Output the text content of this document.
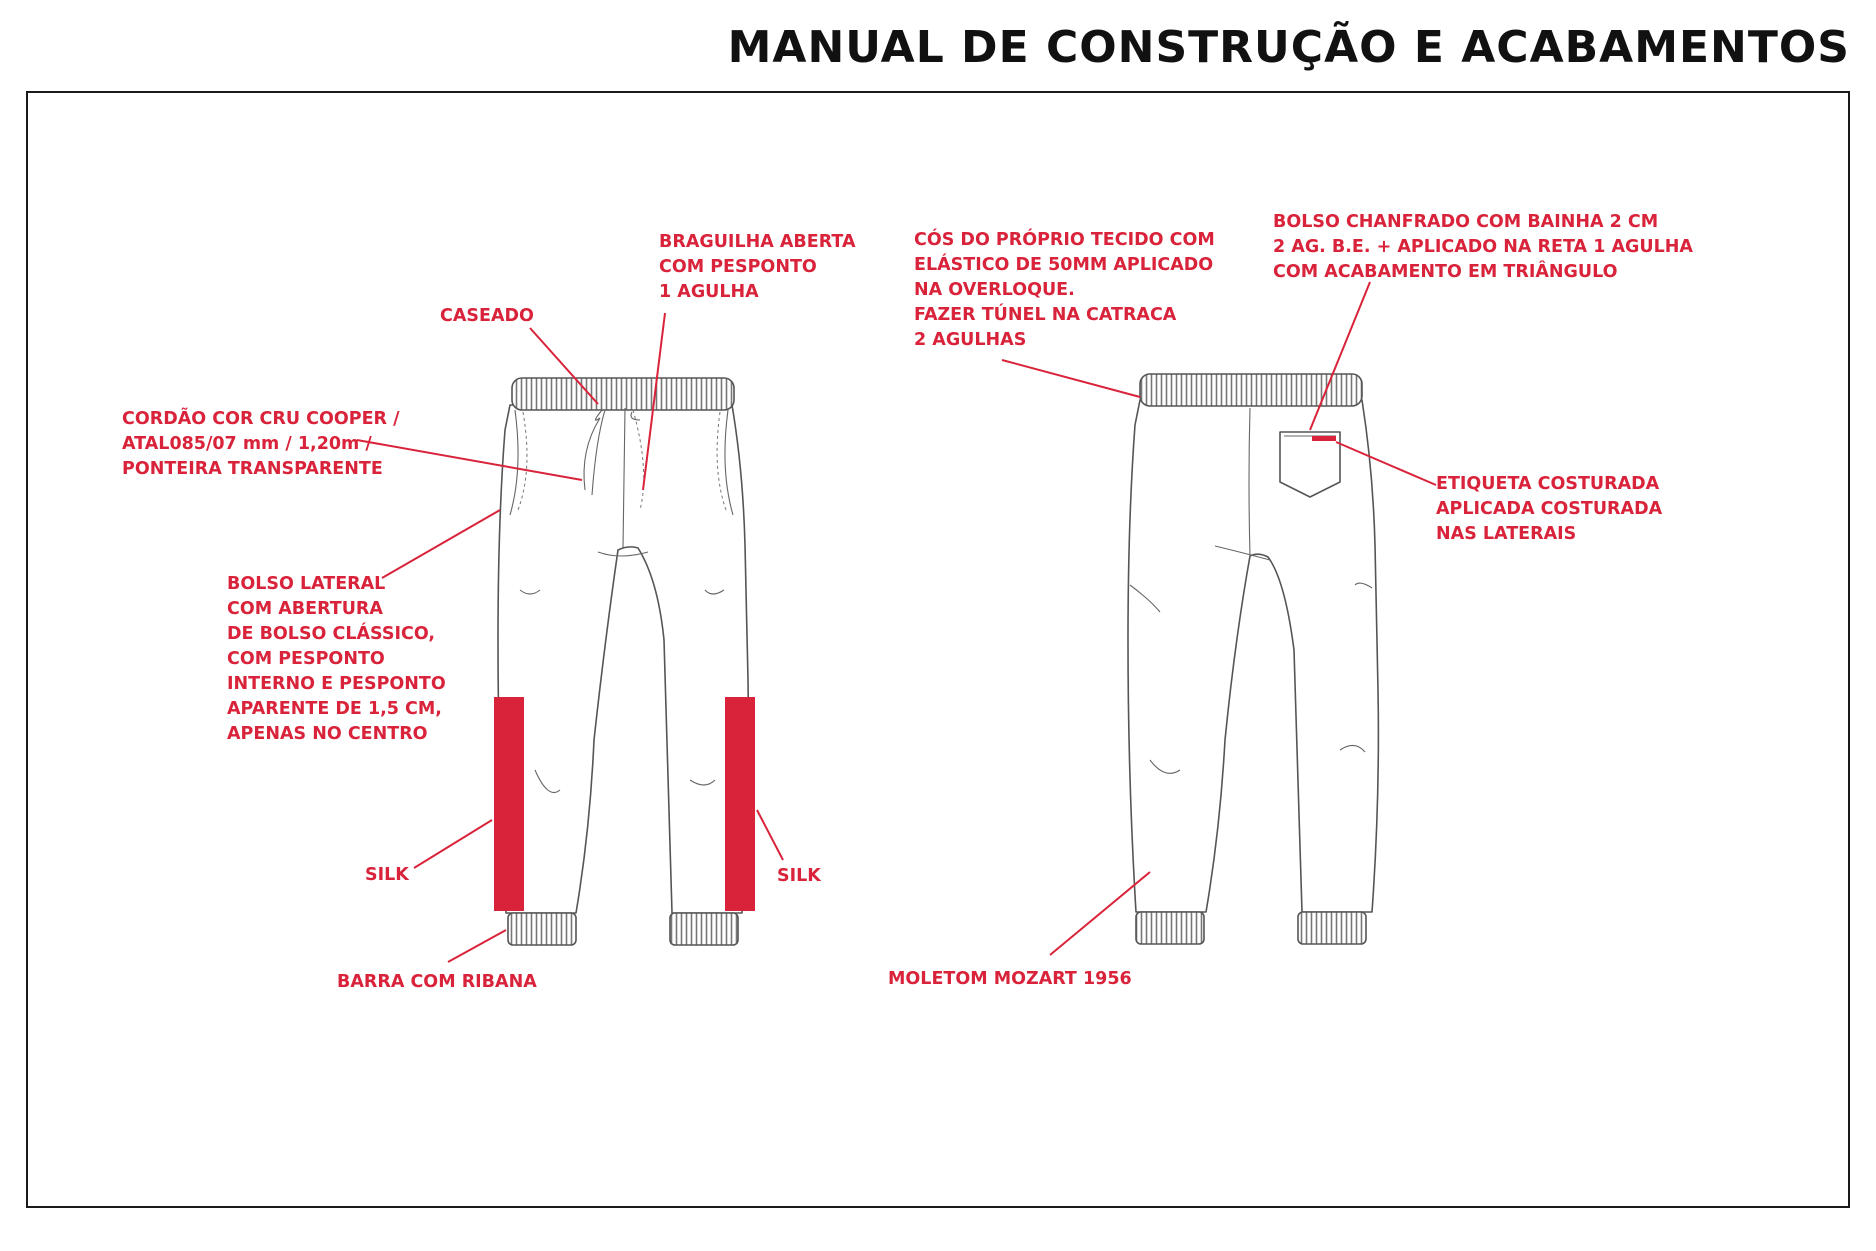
MANUAL DE CONSTRUÇÃO E ACABAMENTOS
BRAGUILHA ABERTA COM PESPONTO 1 AGULHA
CASEADO
CORDÃO COR CRU COOPER / ATAL085/07 mm / 1,20m / PONTEIRA TRANSPARENTE
BOLSO LATERAL COM ABERTURA DE BOLSO CLÁSSICO, COM PESPONTO INTERNO E PESPONTO APARENTE DE 1,5 CM, APENAS NO CENTRO
SILK	SILK
BARRA COM RIBANA
CÓS DO PRÓPRIO TECIDO COM ELÁSTICO DE 50MM APLICADO NA OVERLOQUE. FAZER TÚNEL NA CATRACA 2 AGULHAS
BOLSO CHANFRADO COM BAINHA 2 CM 2 AG. B.E. + APLICADO NA RETA 1 AGULHA COM ACABAMENTO EM TRIÂNGULO
ETIQUETA COSTURADA APLICADA COSTURADA NAS LATERAIS
MOLETOM MOZART 1956
